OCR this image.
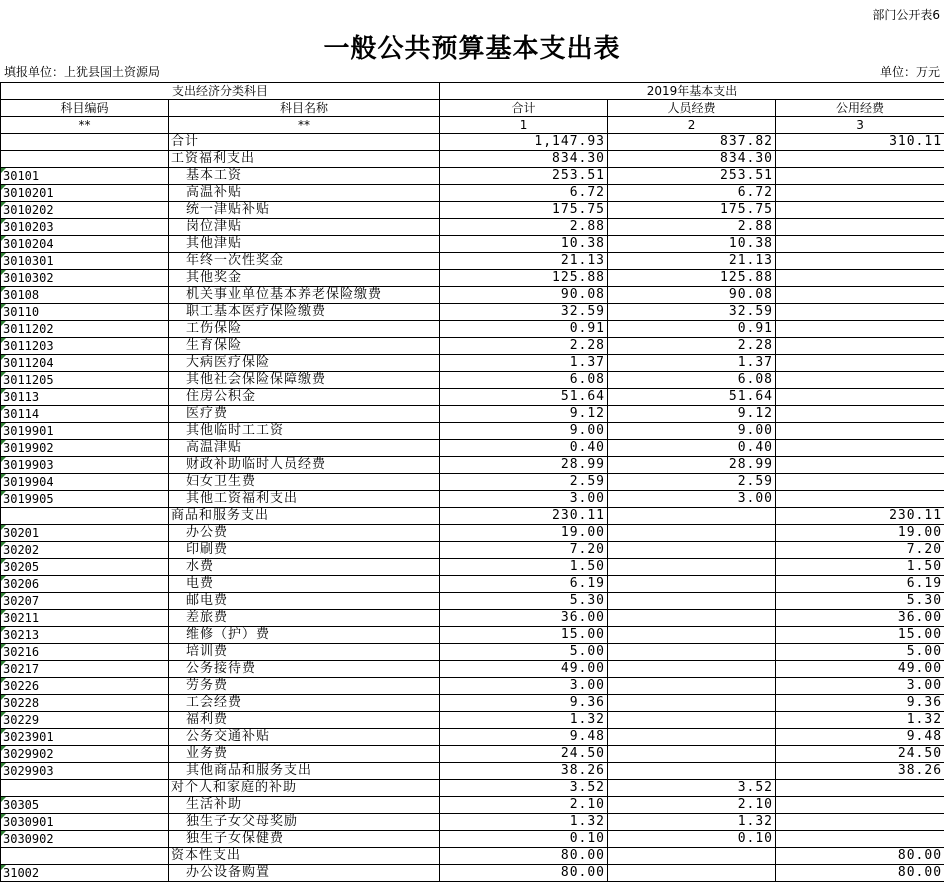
部门公开表6
一般公共预算基本支出表
填报单位：上犹县国土资源局	单位：万元
支出经济分类科目		2019年基本支出		
科目编码	科目名称	合计	人员经费	公用经费
**	**	1	2	3
	合计	1,147.93	837.82	310.11
	工资福利支出	834.30	834.30	
30101	基本工资	253.51	253.51	
3010201	高温补贴	6.72	6.72	
3010202	统一津贴补贴	175.75	175.75	
3010203	岗位津贴	2.88	2.88	
3010204	其他津贴	10.38	10.38	
3010301	年终一次性奖金	21.13	21.13	
3010302	其他奖金	125.88	125.88	
30108	机关事业单位基本养老保险缴费	90.08	90.08	
30110	职工基本医疗保险缴费	32.59	32.59	
3011202	工伤保险	0.91	0.91	
3011203	生育保险	2.28	2.28	
3011204	大病医疗保险	1.37	1.37	
3011205	其他社会保险保障缴费	6.08	6.08	
30113	住房公积金	51.64	51.64	
30114	医疗费	9.12	9.12	
3019901	其他临时工工资	9.00	9.00	
3019902	高温津贴	0.40	0.40	
3019903	财政补助临时人员经费	28.99	28.99	
3019904	妇女卫生费	2.59	2.59	
3019905	其他工资福利支出	3.00	3.00	
	商品和服务支出	230.11		230.11
30201	办公费	19.00		19.00
30202	印刷费	7.20		7.20
30205	水费	1.50		1.50
30206	电费	6.19		6.19
30207	邮电费	5.30		5.30
30211	差旅费	36.00		36.00
30213	维修（护）费	15.00		15.00
30216	培训费	5.00		5.00
30217	公务接待费	49.00		49.00
30226	劳务费	3.00		3.00
30228	工会经费	9.36		9.36
30229	福利费	1.32		1.32
3023901	公务交通补贴	9.48		9.48
3029902	业务费	24.50		24.50
3029903	其他商品和服务支出	38.26		38.26
	对个人和家庭的补助	3.52	3.52	
30305	生活补助	2.10	2.10	
3030901	独生子女父母奖励	1.32	1.32	
3030902	独生子女保健费	0.10	0.10	
	资本性支出	80.00		80.00
31002	办公设备购置	80.00		80.00
